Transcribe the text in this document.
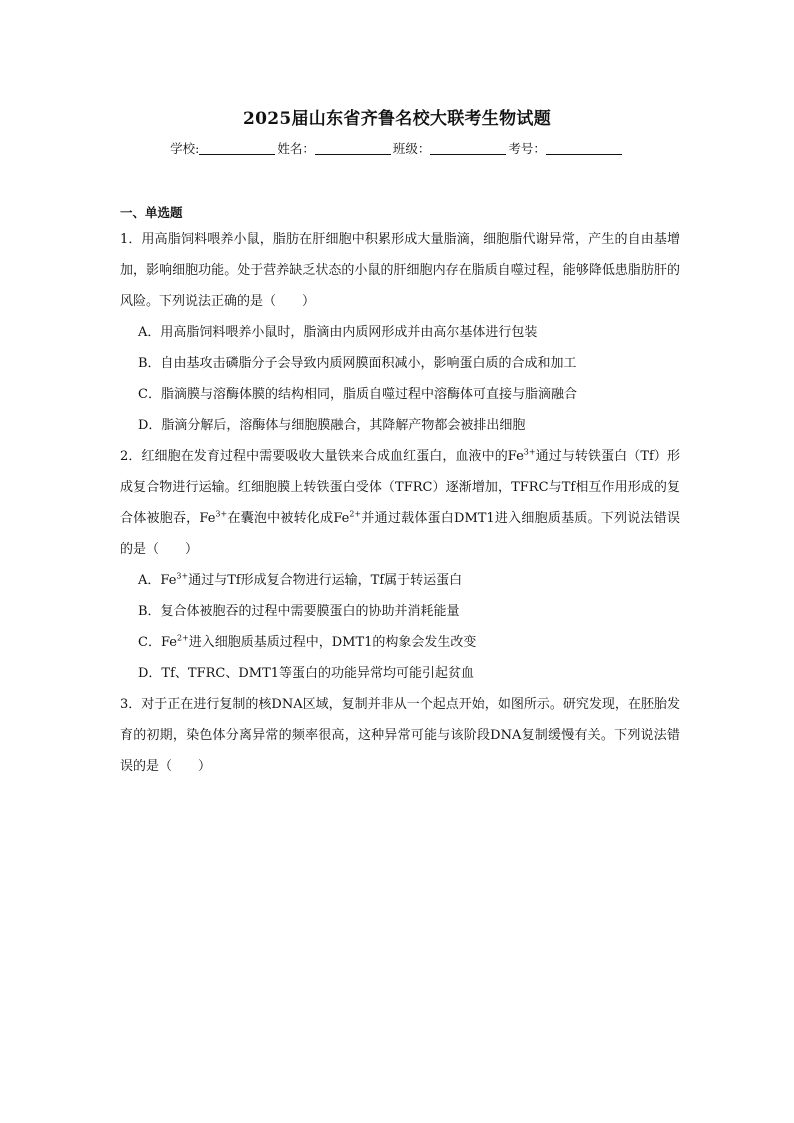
2025届山东省齐鲁名校大联考生物试题
学校:	姓名：	班级：	考号：
一、单选题
1．用高脂饲料喂养小鼠，脂肪在肝细胞中积累形成大量脂滴，细胞脂代谢异常，产生的自由基增加，影响细胞功能。处于营养缺乏状态的小鼠的肝细胞内存在脂质自噬过程，能够降低患脂肪肝的风险。下列说法正确的是（　　）
A．用高脂饲料喂养小鼠时，脂滴由内质网形成并由高尔基体进行包装
B．自由基攻击磷脂分子会导致内质网膜面积减小，影响蛋白质的合成和加工
C．脂滴膜与溶酶体膜的结构相同，脂质自噬过程中溶酶体可直接与脂滴融合
D．脂滴分解后，溶酶体与细胞膜融合，其降解产物都会被排出细胞
2．红细胞在发育过程中需要吸收大量铁来合成血红蛋白，血液中的$Fe^{3+}$通过与转铁蛋白（Tf）形成复合物进行运输。红细胞膜上转铁蛋白受体（TFRC）逐渐增加，TFRC与Tf相互作用形成的复合体被胞吞，$Fe^{3+}$在囊泡中被转化成$Fe^{2+}$并通过载体蛋白DMT1进入细胞质基质。下列说法错误的是（　　）
A．$Fe^{3+}$通过与Tf形成复合物进行运输，Tf属于转运蛋白
B．复合体被胞吞的过程中需要膜蛋白的协助并消耗能量
C．$Fe^{2+}$进入细胞质基质过程中，DMT1的构象会发生改变
D．Tf、TFRC、DMT1等蛋白的功能异常均可能引起贫血
3．对于正在进行复制的核DNA区域，复制并非从一个起点开始，如图所示。研究发现，在胚胎发育的初期，染色体分离异常的频率很高，这种异常可能与该阶段DNA复制缓慢有关。下列说法错误的是（　　）
